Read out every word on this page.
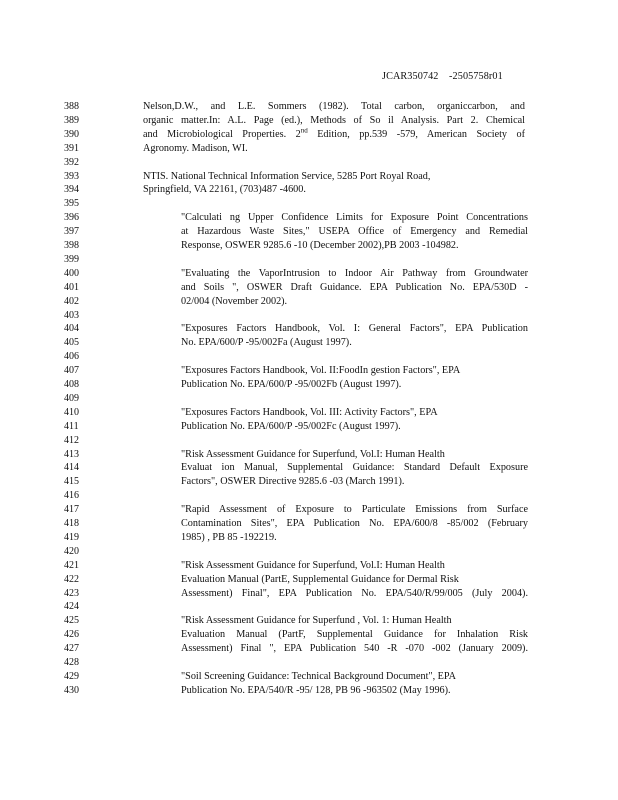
JCAR350742    -2505758r01
388	Nelson,D.W., and L.E. Sommers (1982). Total carbon, organiccarbon, and
389	organic matter.In: A.L. Page (ed.), Methods of So il Analysis. Part 2. Chemical
390	and Microbiological Properties. 2nd Edition, pp.539 -579, American Society of
391	Agronomy. Madison, WI.
392
393	NTIS. National Technical Information Service, 5285 Port Royal Road,
394	Springfield, VA 22161, (703)487 -4600.
395
396	"Calculati ng Upper Confidence Limits for Exposure Point Concentrations
397	at Hazardous Waste Sites," USEPA Office of Emergency and Remedial
398	Response, OSWER 9285.6 -10 (December 2002),PB 2003 -104982.
399
400	"Evaluating the VaporIntrusion to Indoor Air Pathway from Groundwater
401	and Soils ", OSWER Draft Guidance. EPA Publication No. EPA/530D -
402	02/004 (November 2002).
403
404	"Exposures Factors Handbook, Vol. I: General Factors", EPA Publication
405	No. EPA/600/P -95/002Fa (August 1997).
406
407	"Exposures Factors Handbook, Vol. II:FoodIn gestion Factors", EPA
408	Publication No. EPA/600/P -95/002Fb (August 1997).
409
410	"Exposures Factors Handbook, Vol. III: Activity Factors", EPA
411	Publication No. EPA/600/P -95/002Fc (August 1997).
412
413	"Risk Assessment Guidance for Superfund, Vol.I: Human Health
414	Evaluat ion Manual, Supplemental Guidance: Standard Default Exposure
415	Factors", OSWER Directive 9285.6 -03 (March 1991).
416
417	"Rapid Assessment of Exposure to Particulate Emissions from Surface
418	Contamination Sites", EPA Publication No. EPA/600/8 -85/002 (February
419	1985) , PB 85 -192219.
420
421	"Risk Assessment Guidance for Superfund, Vol.I: Human Health
422	Evaluation Manual (PartE, Supplemental Guidance for Dermal Risk
423	Assessment) Final", EPA Publication No. EPA/540/R/99/005 (July 2004).
424
425	"Risk Assessment Guidance for Superfund , Vol. 1: Human Health
426	Evaluation Manual (PartF, Supplemental Guidance for Inhalation Risk
427	Assessment) Final ", EPA Publication 540 -R -070 -002 (January 2009).
428
429	"Soil Screening Guidance: Technical Background Document", EPA
430	Publication No. EPA/540/R -95/ 128, PB 96 -963502 (May 1996).
